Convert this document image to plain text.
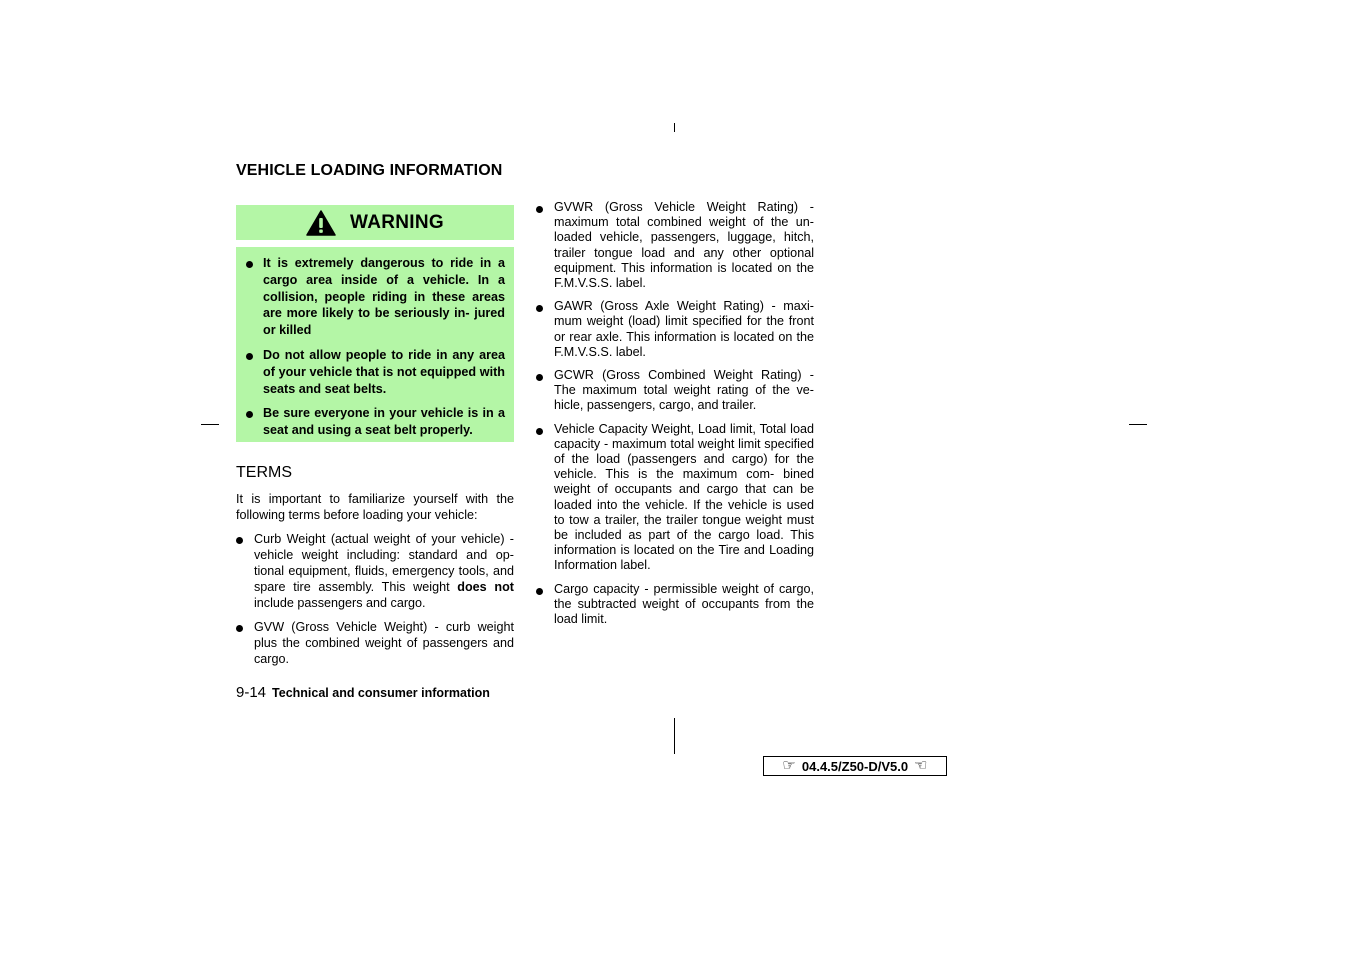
VEHICLE LOADING INFORMATION
WARNING
It is extremely dangerous to ride in a cargo area inside of a vehicle. In a collision, people riding in these areas are more likely to be seriously in- jured or killed
Do not allow people to ride in any area of your vehicle that is not equipped with seats and seat belts.
Be sure everyone in your vehicle is in a seat and using a seat belt properly.
TERMS
It is important to familiarize yourself with the following terms before loading your vehicle:
Curb Weight (actual weight of your vehicle) - vehicle weight including: standard and op- tional equipment, fluids, emergency tools, and spare tire assembly. This weight does not include passengers and cargo.
GVW (Gross Vehicle Weight) - curb weight plus the combined weight of passengers and cargo.
GVWR (Gross Vehicle Weight Rating) - maximum total combined weight of the un- loaded vehicle, passengers, luggage, hitch, trailer tongue load and any other optional equipment. This information is located on the F.M.V.S.S. label.
GAWR (Gross Axle Weight Rating) - maxi- mum weight (load) limit specified for the front or rear axle. This information is located on the F.M.V.S.S. label.
GCWR (Gross Combined Weight Rating) - The maximum total weight rating of the ve- hicle, passengers, cargo, and trailer.
Vehicle Capacity Weight, Load limit, Total load capacity - maximum total weight limit specified of the load (passengers and cargo) for the vehicle. This is the maximum com- bined weight of occupants and cargo that can be loaded into the vehicle. If the vehicle is used to tow a trailer, the trailer tongue weight must be included as part of the cargo load. This information is located on the Tire and Loading Information label.
Cargo capacity - permissible weight of cargo, the subtracted weight of occupants from the load limit.
9-14 Technical and consumer information
☞ 04.4.5/Z50-D/V5.0 ☜
